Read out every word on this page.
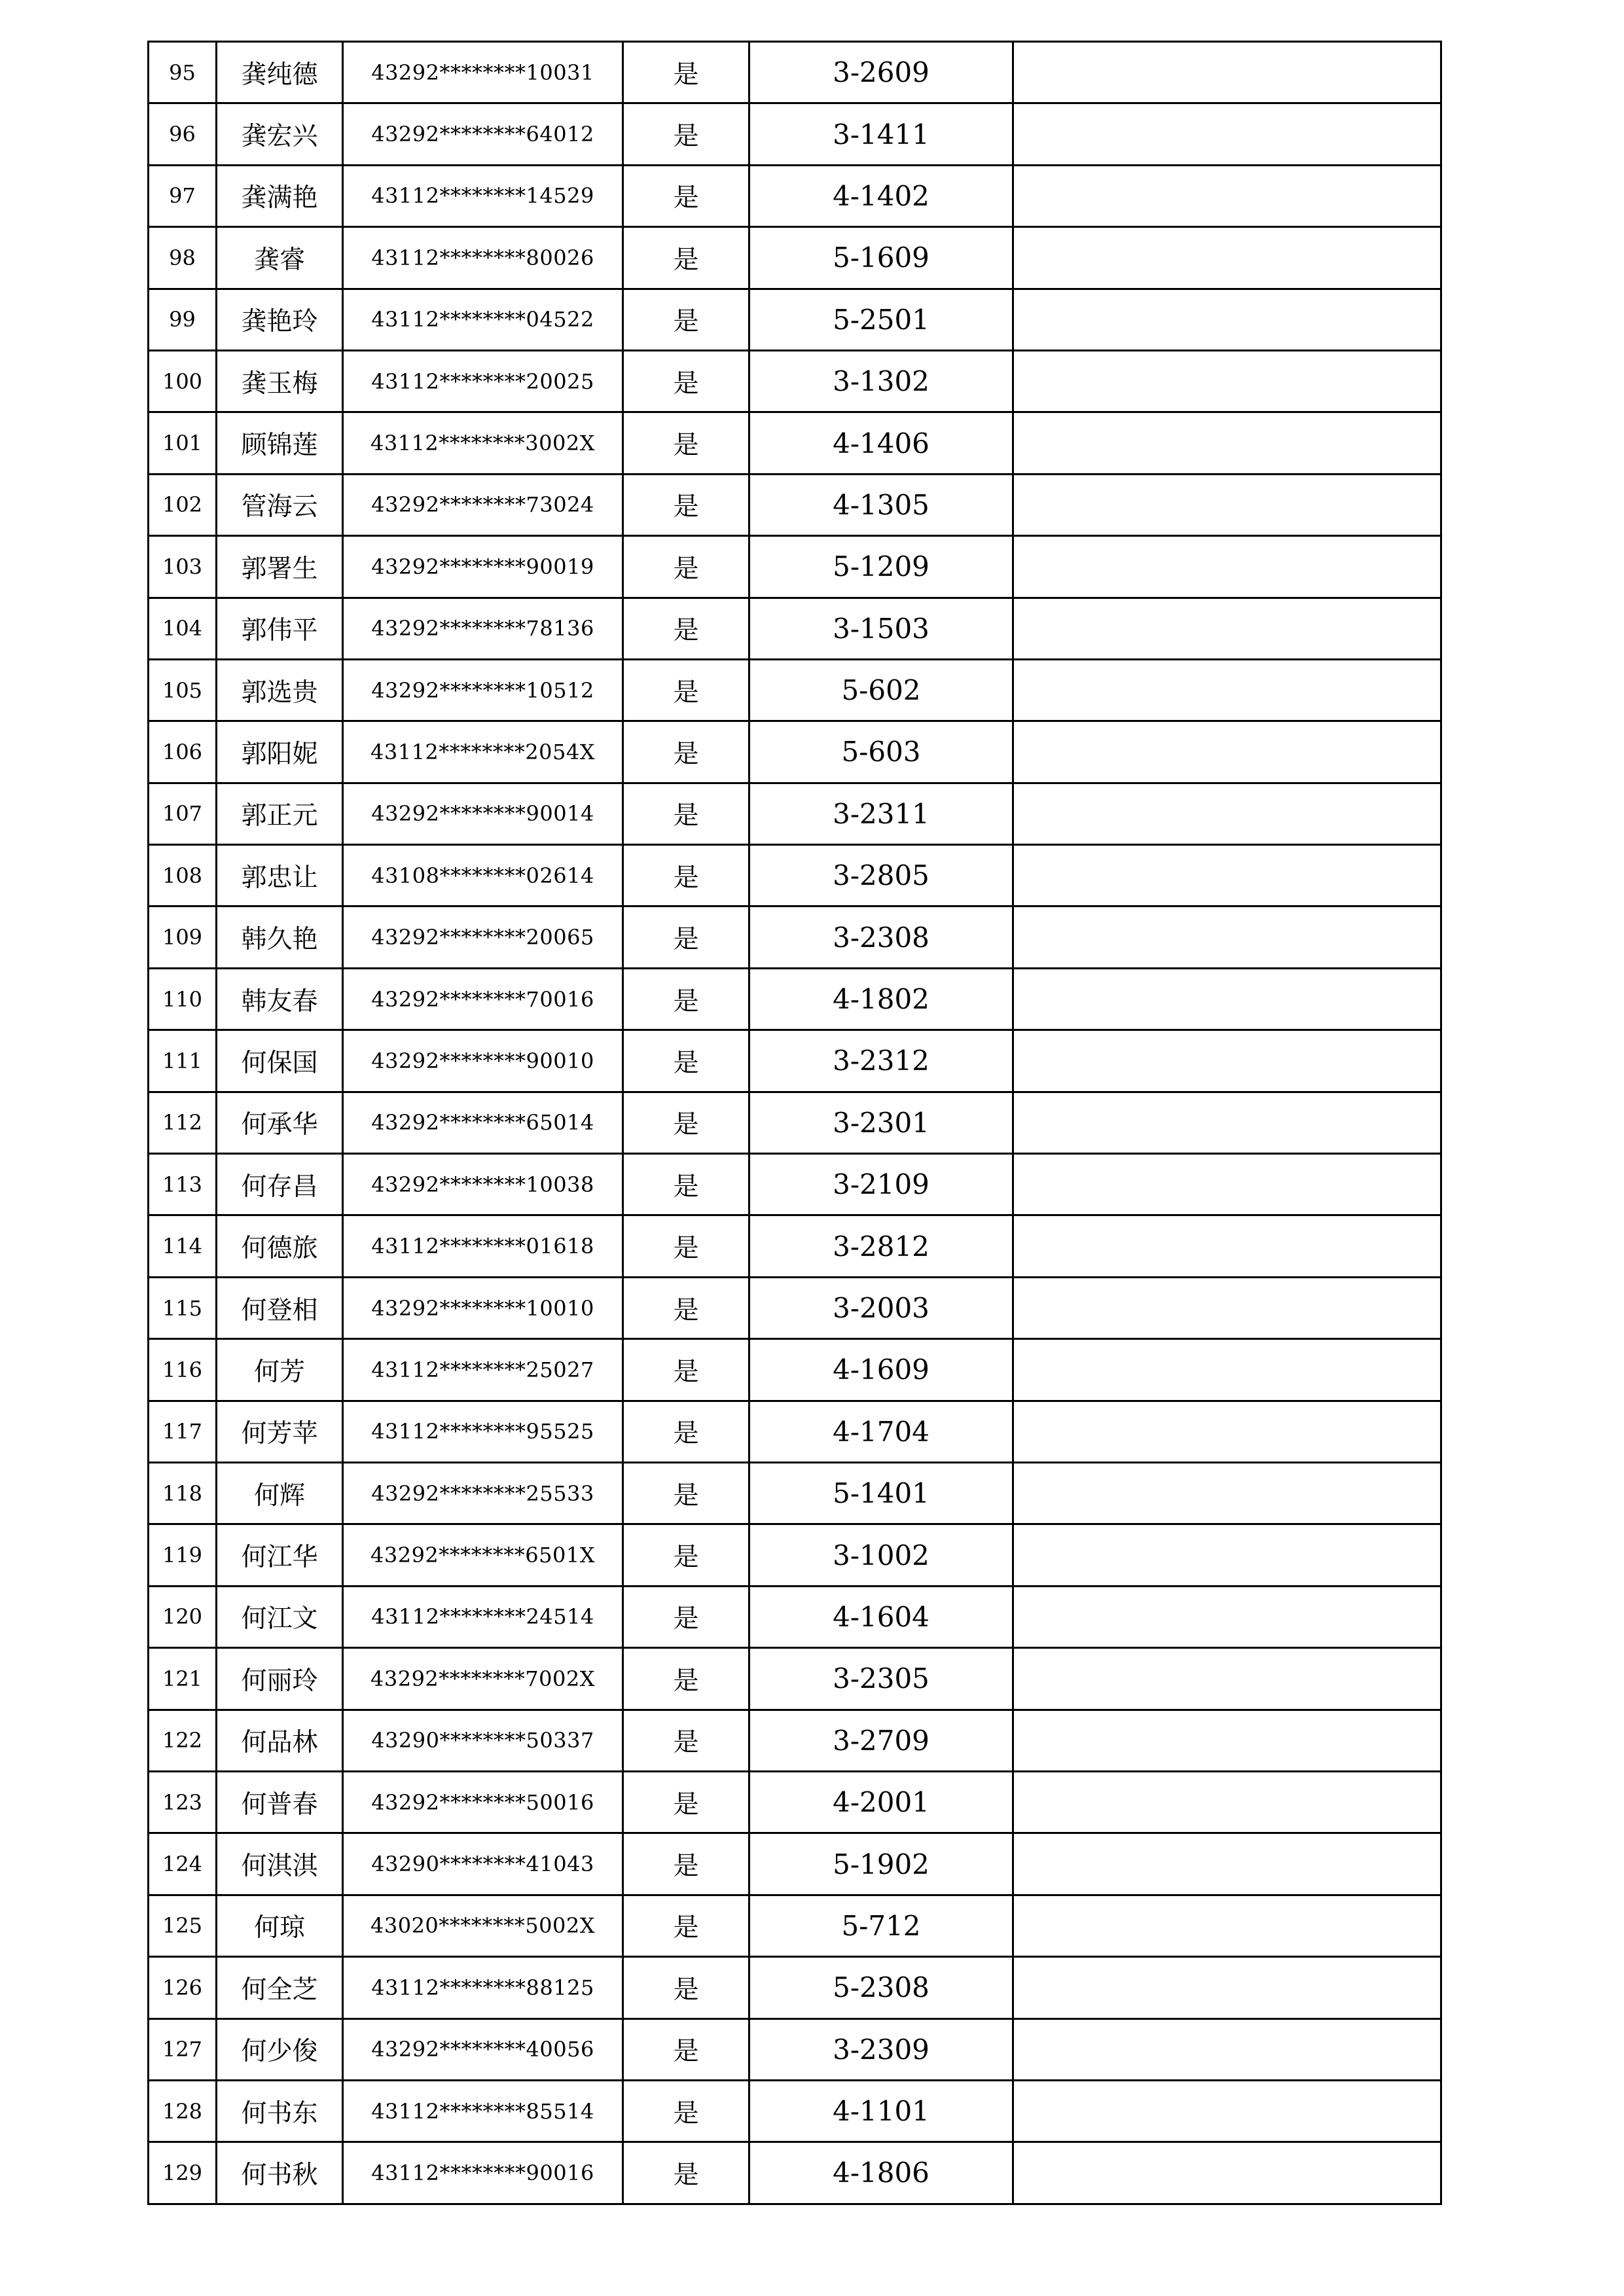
95	龚纯德	43292********10031	是	3-2609	
96	龚宏兴	43292********64012	是	3-1411	
97	龚满艳	43112********14529	是	4-1402	
98	龚睿	43112********80026	是	5-1609	
99	龚艳玲	43112********04522	是	5-2501	
100	龚玉梅	43112********20025	是	3-1302	
101	顾锦莲	43112********3002X	是	4-1406	
102	管海云	43292********73024	是	4-1305	
103	郭署生	43292********90019	是	5-1209	
104	郭伟平	43292********78136	是	3-1503	
105	郭选贵	43292********10512	是	5-602	
106	郭阳妮	43112********2054X	是	5-603	
107	郭正元	43292********90014	是	3-2311	
108	郭忠让	43108********02614	是	3-2805	
109	韩久艳	43292********20065	是	3-2308	
110	韩友春	43292********70016	是	4-1802	
111	何保国	43292********90010	是	3-2312	
112	何承华	43292********65014	是	3-2301	
113	何存昌	43292********10038	是	3-2109	
114	何德旅	43112********01618	是	3-2812	
115	何登相	43292********10010	是	3-2003	
116	何芳	43112********25027	是	4-1609	
117	何芳苹	43112********95525	是	4-1704	
118	何辉	43292********25533	是	5-1401	
119	何江华	43292********6501X	是	3-1002	
120	何江文	43112********24514	是	4-1604	
121	何丽玲	43292********7002X	是	3-2305	
122	何品林	43290********50337	是	3-2709	
123	何普春	43292********50016	是	4-2001	
124	何淇淇	43290********41043	是	5-1902	
125	何琼	43020********5002X	是	5-712	
126	何全芝	43112********88125	是	5-2308	
127	何少俊	43292********40056	是	3-2309	
128	何书东	43112********85514	是	4-1101	
129	何书秋	43112********90016	是	4-1806	
